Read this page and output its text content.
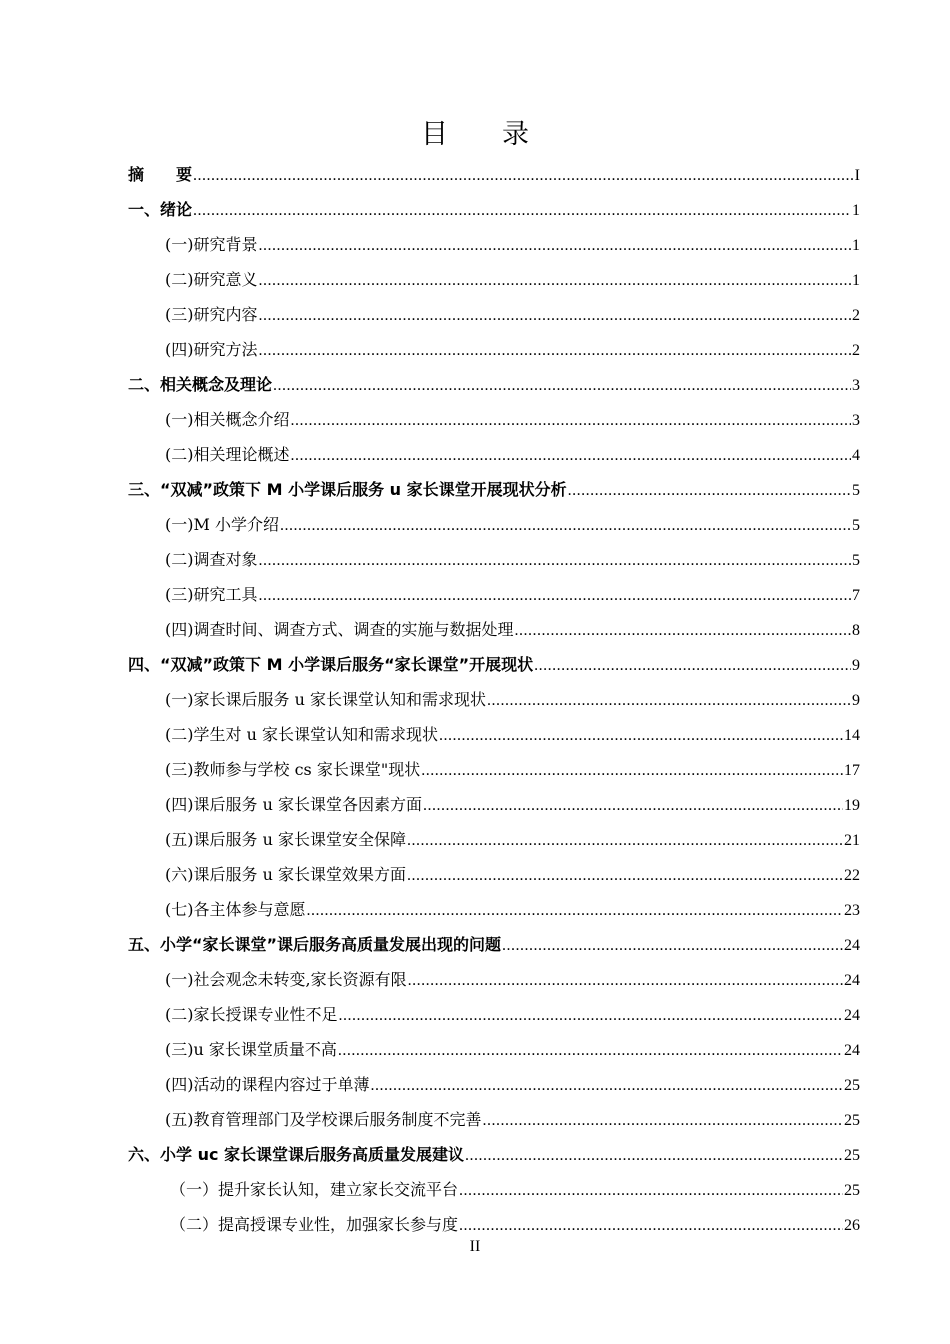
目　　录
摘　　要 .....	I
一、绪论 .....	1
(一)研究背景 .....	1
(二)研究意义 .....	1
(三)研究内容 .....	2
(四)研究方法 .....	2
二、相关概念及理论 .....	3
(一)相关概念介绍 .....	3
(二)相关理论概述 .....	4
三、“双减”政策下 M 小学课后服务 u 家长课堂开展现状分析 .....	5
(一)M 小学介绍 .....	5
(二)调查对象 .....	5
(三)研究工具 .....	7
(四)调查时间、调查方式、调查的实施与数据处理 .....	8
四、“双减”政策下 M 小学课后服务“家长课堂”开展现状 .....	9
(一)家长课后服务 u 家长课堂认知和需求现状 .....	9
(二)学生对 u 家长课堂认知和需求现状 .....	14
(三)教师参与学校 cs 家长课堂"现状 .....	17
(四)课后服务 u 家长课堂各因素方面 .....	19
(五)课后服务 u 家长课堂安全保障 .....	21
(六)课后服务 u 家长课堂效果方面 .....	22
(七)各主体参与意愿 .....	23
五、小学“家长课堂”课后服务高质量发展出现的问题 .....	24
(一)社会观念未转变,家长资源有限 .....	24
(二)家长授课专业性不足 .....	24
(三)u 家长课堂质量不高 .....	24
(四)活动的课程内容过于单薄 .....	25
(五)教育管理部门及学校课后服务制度不完善 .....	25
六、小学 uc 家长课堂课后服务高质量发展建议 .....	25
（一）提升家长认知，建立家长交流平台 .....	25
（二）提高授课专业性，加强家长参与度 .....	26
II
